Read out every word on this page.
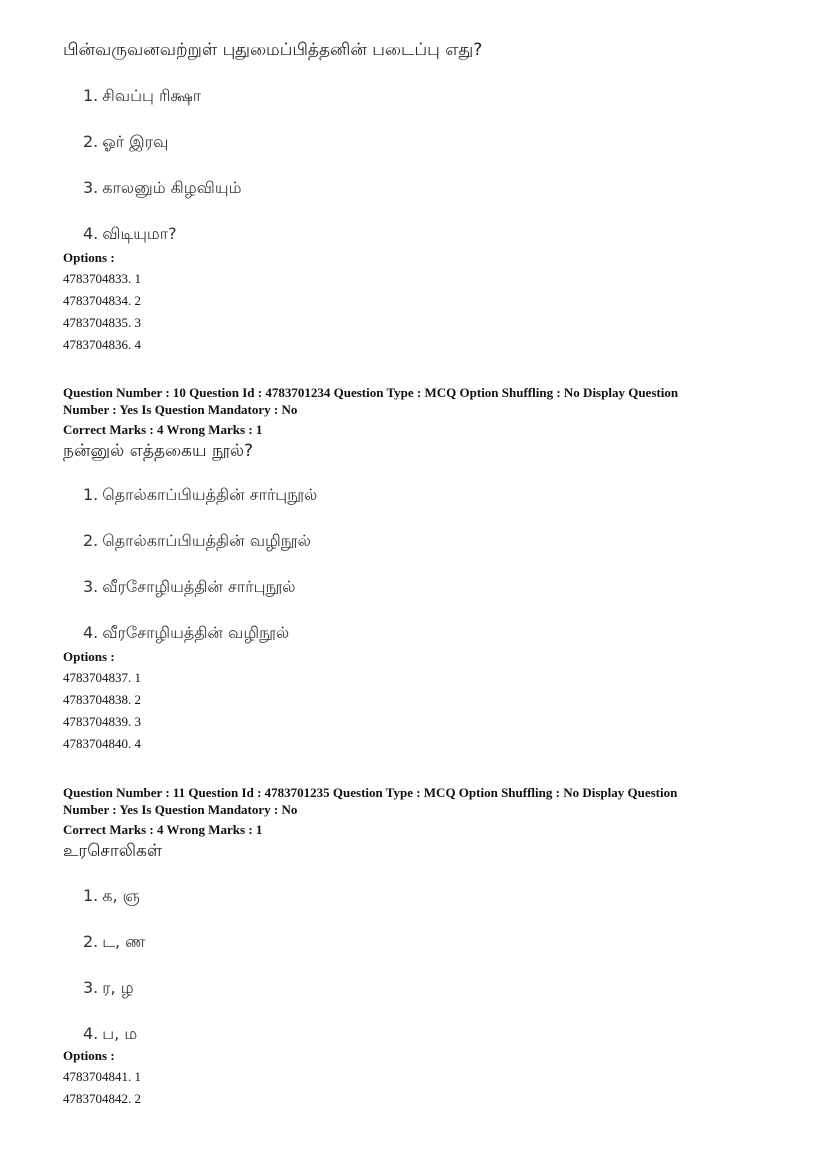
பின்வருவனவற்றுள் புதுமைப்பித்தனின் படைப்பு எது?
1. சிவப்பு ரிக்ஷா
2. ஓர் இரவு
3. காலனும் கிழவியும்
4. விடியுமா?
Options :
4783704833. 1
4783704834. 2
4783704835. 3
4783704836. 4
Question Number : 10 Question Id : 4783701234 Question Type : MCQ Option Shuffling : No Display Question
Number : Yes Is Question Mandatory : No
Correct Marks : 4 Wrong Marks : 1
நன்னுல் எத்தகைய நூல்?
1. தொல்காப்பியத்தின் சார்புநூல்
2. தொல்காப்பியத்தின் வழிநூல்
3. வீரசோழியத்தின் சார்புநூல்
4. வீரசோழியத்தின் வழிநூல்
Options :
4783704837. 1
4783704838. 2
4783704839. 3
4783704840. 4
Question Number : 11 Question Id : 4783701235 Question Type : MCQ Option Shuffling : No Display Question
Number : Yes Is Question Mandatory : No
Correct Marks : 4 Wrong Marks : 1
உரசொலிகள்
1. க, ஞ
2. ட, ண
3. ர, ழ
4. ப, ம
Options :
4783704841. 1
4783704842. 2
